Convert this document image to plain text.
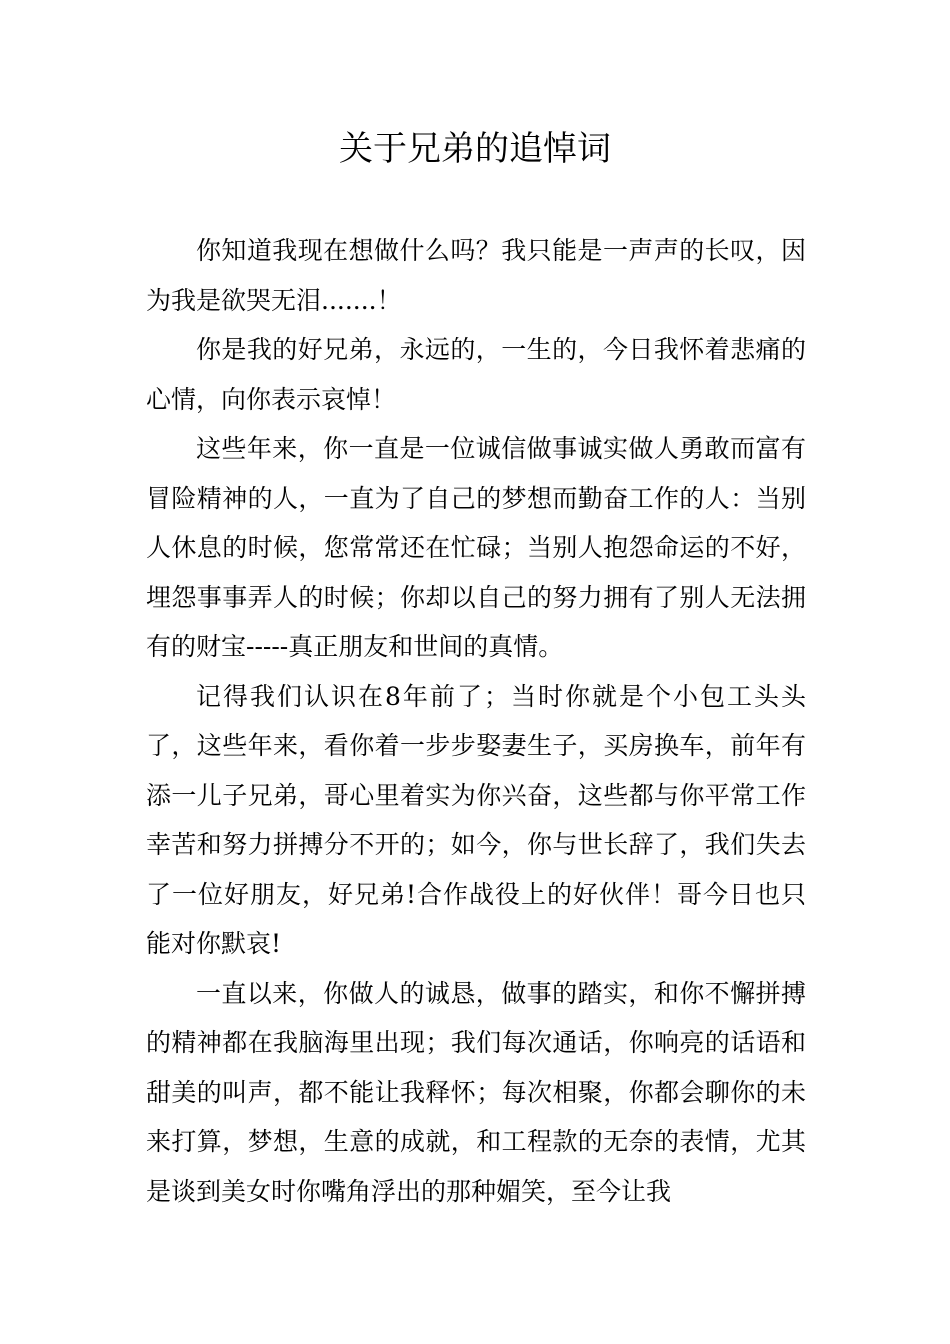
关于兄弟的追悼词

你知道我现在想做什么吗？我只能是一声声的长叹，因为我是欲哭无泪.......！

你是我的好兄弟，永远的，一生的，今日我怀着悲痛的心情，向你表示哀悼！

这些年来，你一直是一位诚信做事诚实做人勇敢而富有冒险精神的人，一直为了自己的梦想而勤奋工作的人：当别人休息的时候，您常常还在忙碌；当别人抱怨命运的不好，埋怨事事弄人的时候；你却以自己的努力拥有了别人无法拥有的财宝-----真正朋友和世间的真情。

记得我们认识在8年前了；当时你就是个小包工头头了，这些年来，看你着一步步娶妻生子，买房换车，前年有添一儿子兄弟，哥心里着实为你兴奋，这些都与你平常工作幸苦和努力拼搏分不开的；如今，你与世长辞了，我们失去了一位好朋友，好兄弟!合作战役上的好伙伴！哥今日也只能对你默哀!

一直以来，你做人的诚恳，做事的踏实，和你不懈拼搏的精神都在我脑海里出现；我们每次通话，你响亮的话语和甜美的叫声，都不能让我释怀；每次相聚，你都会聊你的未来打算，梦想，生意的成就，和工程款的无奈的表情，尤其是谈到美女时你嘴角浮出的那种媚笑，至今让我
